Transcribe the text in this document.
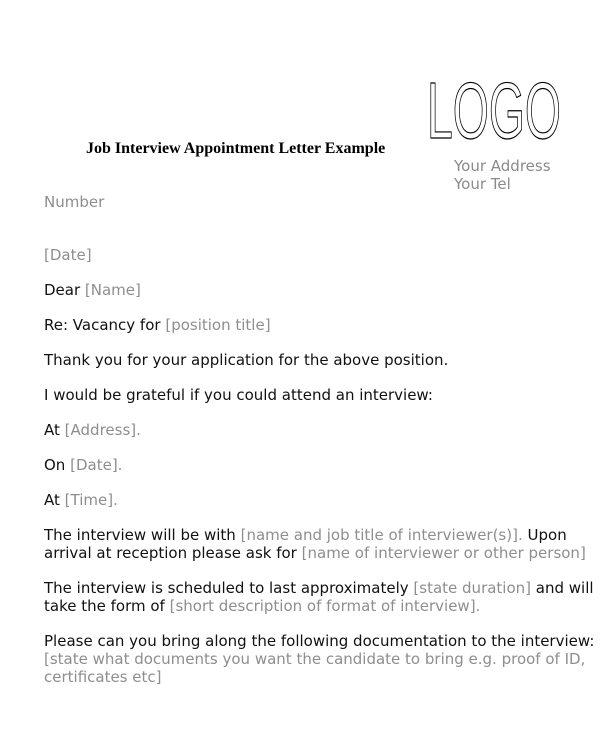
LOGO
Job Interview Appointment Letter Example
Your Address
Your Tel
Number
[Date]
Dear [Name]
Re: Vacancy for [position title]
Thank you for your application for the above position.
I would be grateful if you could attend an interview:
At [Address].
On [Date].
At [Time].
The interview will be with [name and job title of interviewer(s)]. Upon
arrival at reception please ask for [name of interviewer or other person]
The interview is scheduled to last approximately [state duration] and will
take the form of [short description of format of interview].
Please can you bring along the following documentation to the interview:
[state what documents you want the candidate to bring e.g. proof of ID,
certificates etc]
